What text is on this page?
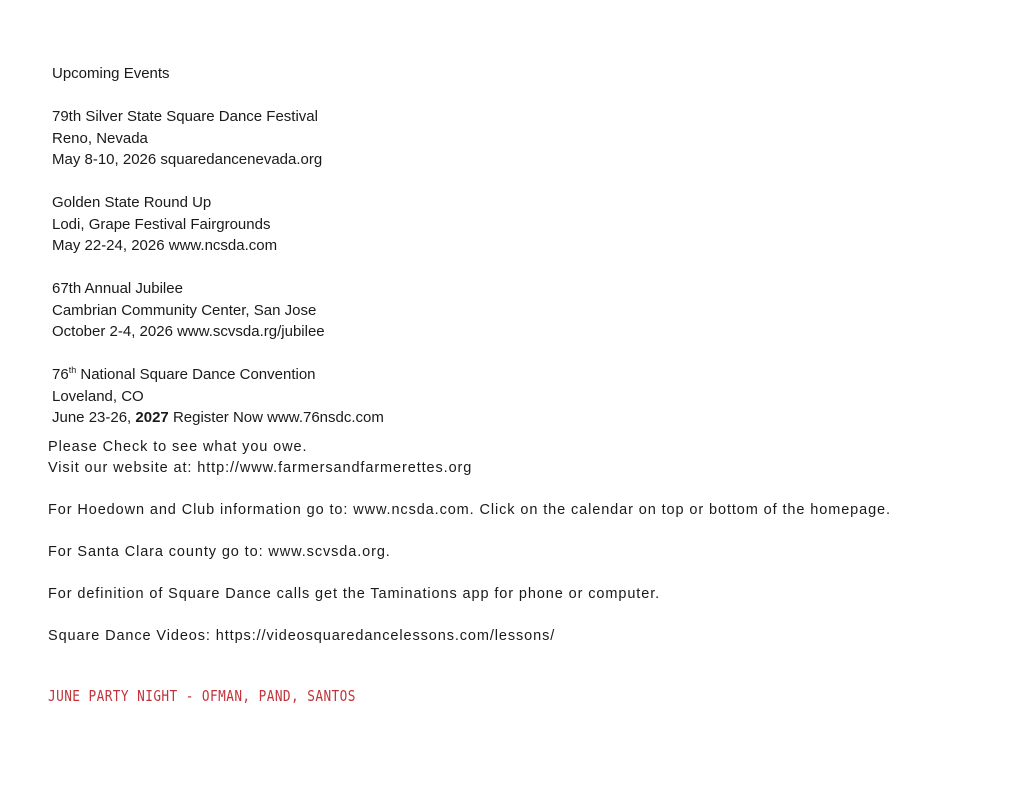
Upcoming Events
79th Silver State Square Dance Festival
Reno, Nevada
May 8-10, 2026 squaredancenevada.org
Golden State Round Up
Lodi, Grape Festival Fairgrounds
May 22-24, 2026 www.ncsda.com
67th Annual Jubilee
Cambrian Community Center, San Jose
October 2-4, 2026 www.scvsda.rg/jubilee
76th National Square Dance Convention
Loveland, CO
June 23-26, 2027 Register Now www.76nsdc.com

Please Check to see what you owe.
Visit our website at: http://www.farmersandfarmerettes.org

For Hoedown and Club information go to: www.ncsda.com. Click on the calendar on top or bottom of the homepage.

For Santa Clara county go to: www.scvsda.org.

For definition of Square Dance calls get the Taminations app for phone or computer.

Square Dance Videos: https://videosquaredancelessons.com/lessons/

JUNE PARTY NIGHT - OFMAN, PAND, SANTOS
